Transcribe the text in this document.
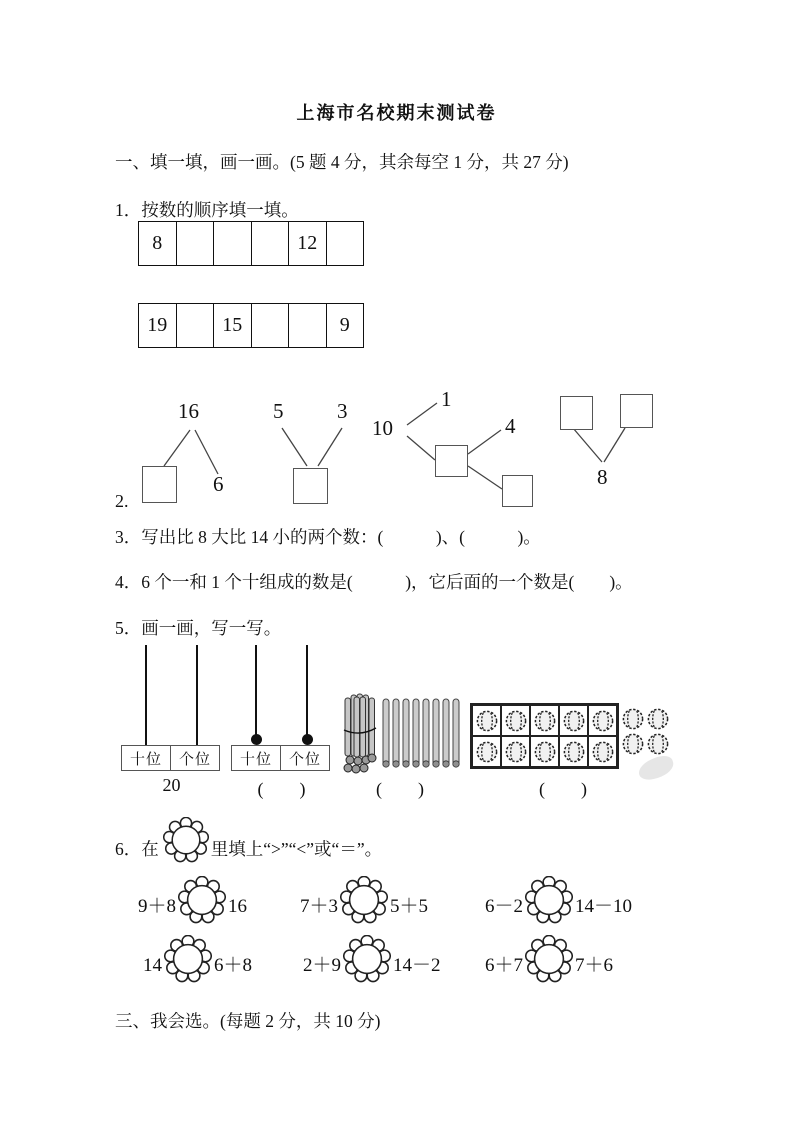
上海市名校期末测试卷
一、填一填，画一画。(5 题 4 分，其余每空 1 分，共 27 分)
1．按数的顺序填一填。
8	12
19	15	9
2.
16
6
5	3
10
1
4
8
3．写出比 8 大比 14 小的两个数：(　　　)、(　　　)。
4．6 个一和 1 个十组成的数是(　　　)，它后面的一个数是(　　)。
5．画一画，写一写。
十位	个位
20
十位	个位
(　　)	(　　)	(　　)
6．在	里填上“>”“<”或“＝”。
9＋8	16	7＋3	5＋5	6－2	14－10
14	6＋8	2＋9	14－2 6＋7	7＋6
三、我会选。(每题 2 分，共 10 分)
